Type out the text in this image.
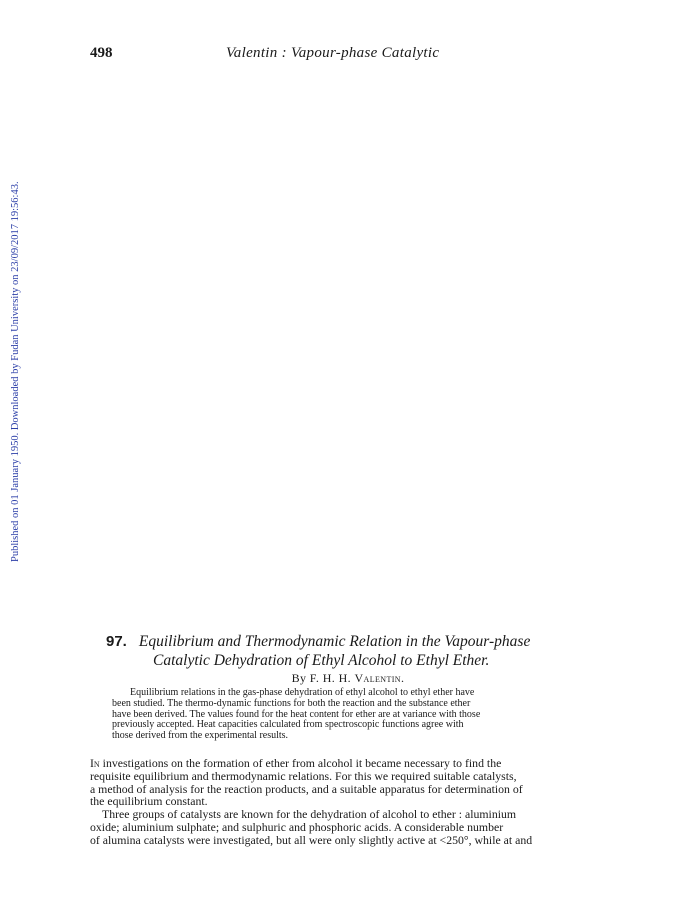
498	Valentin : Vapour-phase Catalytic
Published on 01 January 1950. Downloaded by Fudan University on 23/09/2017 19:56:43.
97. Equilibrium and Thermodynamic Relation in the Vapour-phase
Catalytic Dehydration of Ethyl Alcohol to Ethyl Ether.
By F. H. H. Valentin.
Equilibrium relations in the gas-phase dehydration of ethyl alcohol to ethyl ether have
been studied. The thermo-dynamic functions for both the reaction and the substance ether
have been derived. The values found for the heat content for ether are at variance with those
previously accepted. Heat capacities calculated from spectroscopic functions agree with
those derived from the experimental results.
In investigations on the formation of ether from alcohol it became necessary to find the
requisite equilibrium and thermodynamic relations. For this we required suitable catalysts,
a method of analysis for the reaction products, and a suitable apparatus for determination of
the equilibrium constant.
Three groups of catalysts are known for the dehydration of alcohol to ether : aluminium
oxide; aluminium sulphate; and sulphuric and phosphoric acids. A considerable number
of alumina catalysts were investigated, but all were only slightly active at <250°, while at and
